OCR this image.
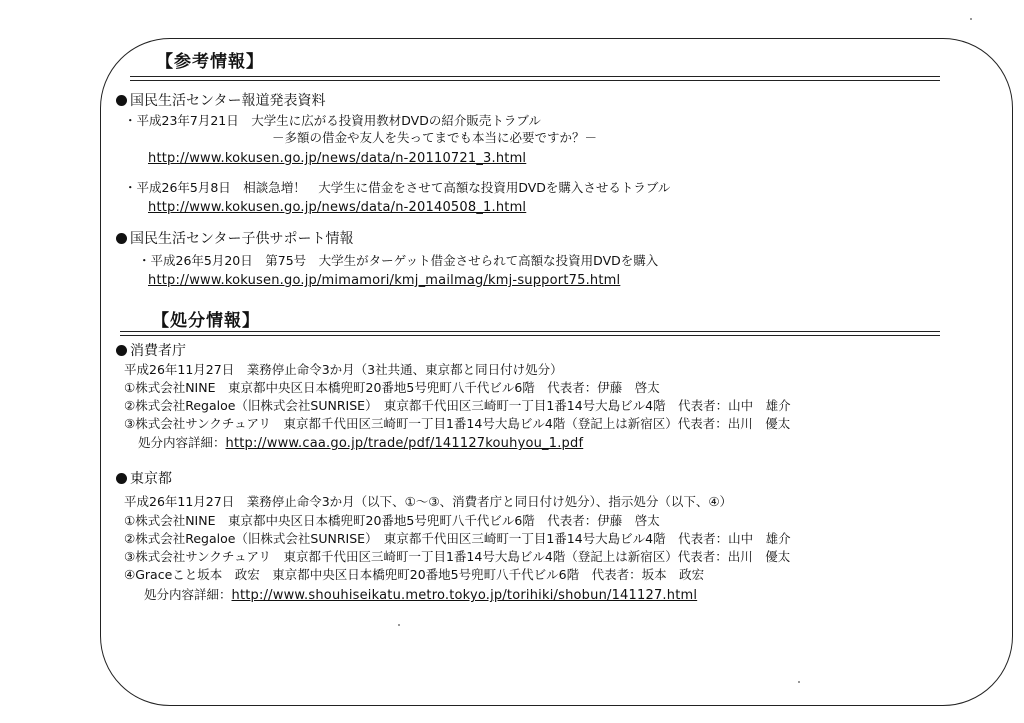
【参考情報】
国民生活センター報道発表資料
・平成23年7月21日　大学生に広がる投資用教材DVDの紹介販売トラブル
－多額の借金や友人を失ってまでも本当に必要ですか？－
http://www.kokusen.go.jp/news/data/n-20110721_3.html
・平成26年5月8日　相談急増！　大学生に借金をさせて高額な投資用DVDを購入させるトラブル
http://www.kokusen.go.jp/news/data/n-20140508_1.html
国民生活センター子供サポート情報
・平成26年5月20日　第75号　大学生がターゲット借金させられて高額な投資用DVDを購入
http://www.kokusen.go.jp/mimamori/kmj_mailmag/kmj-support75.html
【処分情報】
消費者庁
平成26年11月27日　業務停止命令3か月（3社共通、東京都と同日付け処分）
①株式会社NINE　東京都中央区日本橋兜町20番地5号兜町八千代ビル6階　代表者：伊藤　啓太
②株式会社Regaloe（旧株式会社SUNRISE）　東京都千代田区三崎町一丁目1番14号大島ビル4階　代表者：山中　雄介
③株式会社サンクチュアリ　東京都千代田区三崎町一丁目1番14号大島ビル4階（登記上は新宿区）代表者：出川　優太
処分内容詳細：http://www.caa.go.jp/trade/pdf/141127kouhyou_1.pdf
東京都
平成26年11月27日　業務停止命令3か月（以下、①～③、消費者庁と同日付け処分）、指示処分（以下、④）
①株式会社NINE　東京都中央区日本橋兜町20番地5号兜町八千代ビル6階　代表者：伊藤　啓太
②株式会社Regaloe（旧株式会社SUNRISE）　東京都千代田区三崎町一丁目1番14号大島ビル4階　代表者：山中　雄介
③株式会社サンクチュアリ　東京都千代田区三崎町一丁目1番14号大島ビル4階（登記上は新宿区）代表者：出川　優太
④Graceこと坂本　政宏　東京都中央区日本橋兜町20番地5号兜町八千代ビル6階　代表者：坂本　政宏
処分内容詳細：http://www.shouhiseikatu.metro.tokyo.jp/torihiki/shobun/141127.html
